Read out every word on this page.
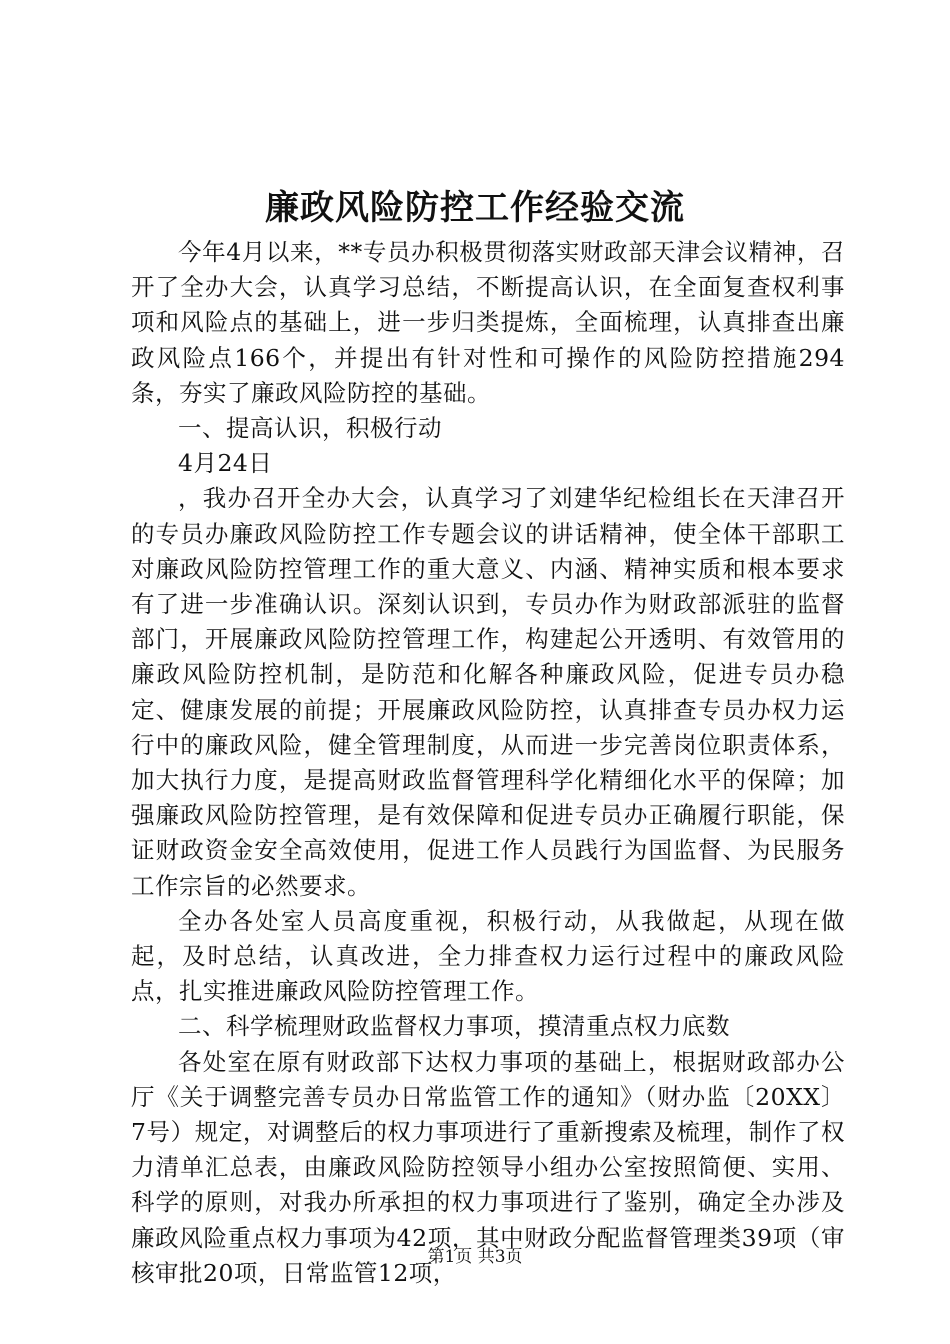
廉政风险防控工作经验交流

今年4月以来，**专员办积极贯彻落实财政部天津会议精神，召开了全办大会，认真学习总结，不断提高认识，在全面复查权利事项和风险点的基础上，进一步归类提炼，全面梳理，认真排查出廉政风险点166个，并提出有针对性和可操作的风险防控措施294条，夯实了廉政风险防控的基础。

一、提高认识，积极行动

4月24日

，我办召开全办大会，认真学习了刘建华纪检组长在天津召开的专员办廉政风险防控工作专题会议的讲话精神，使全体干部职工对廉政风险防控管理工作的重大意义、内涵、精神实质和根本要求有了进一步准确认识。深刻认识到，专员办作为财政部派驻的监督部门，开展廉政风险防控管理工作，构建起公开透明、有效管用的廉政风险防控机制，是防范和化解各种廉政风险，促进专员办稳定、健康发展的前提；开展廉政风险防控，认真排查专员办权力运行中的廉政风险，健全管理制度，从而进一步完善岗位职责体系，加大执行力度，是提高财政监督管理科学化精细化水平的保障；加强廉政风险防控管理，是有效保障和促进专员办正确履行职能，保证财政资金安全高效使用，促进工作人员践行为国监督、为民服务工作宗旨的必然要求。

全办各处室人员高度重视，积极行动，从我做起，从现在做起，及时总结，认真改进，全力排查权力运行过程中的廉政风险点，扎实推进廉政风险防控管理工作。

二、科学梳理财政监督权力事项，摸清重点权力底数

各处室在原有财政部下达权力事项的基础上，根据财政部办公厅《关于调整完善专员办日常监管工作的通知》（财办监〔20XX〕7号）规定，对调整后的权力事项进行了重新搜索及梳理，制作了权力清单汇总表，由廉政风险防控领导小组办公室按照简便、实用、科学的原则，对我办所承担的权力事项进行了鉴别，确定全办涉及廉政风险重点权力事项为42项，其中财政分配监督管理类39项（审核审批20项，日常监管12项，

第1页 共3页
